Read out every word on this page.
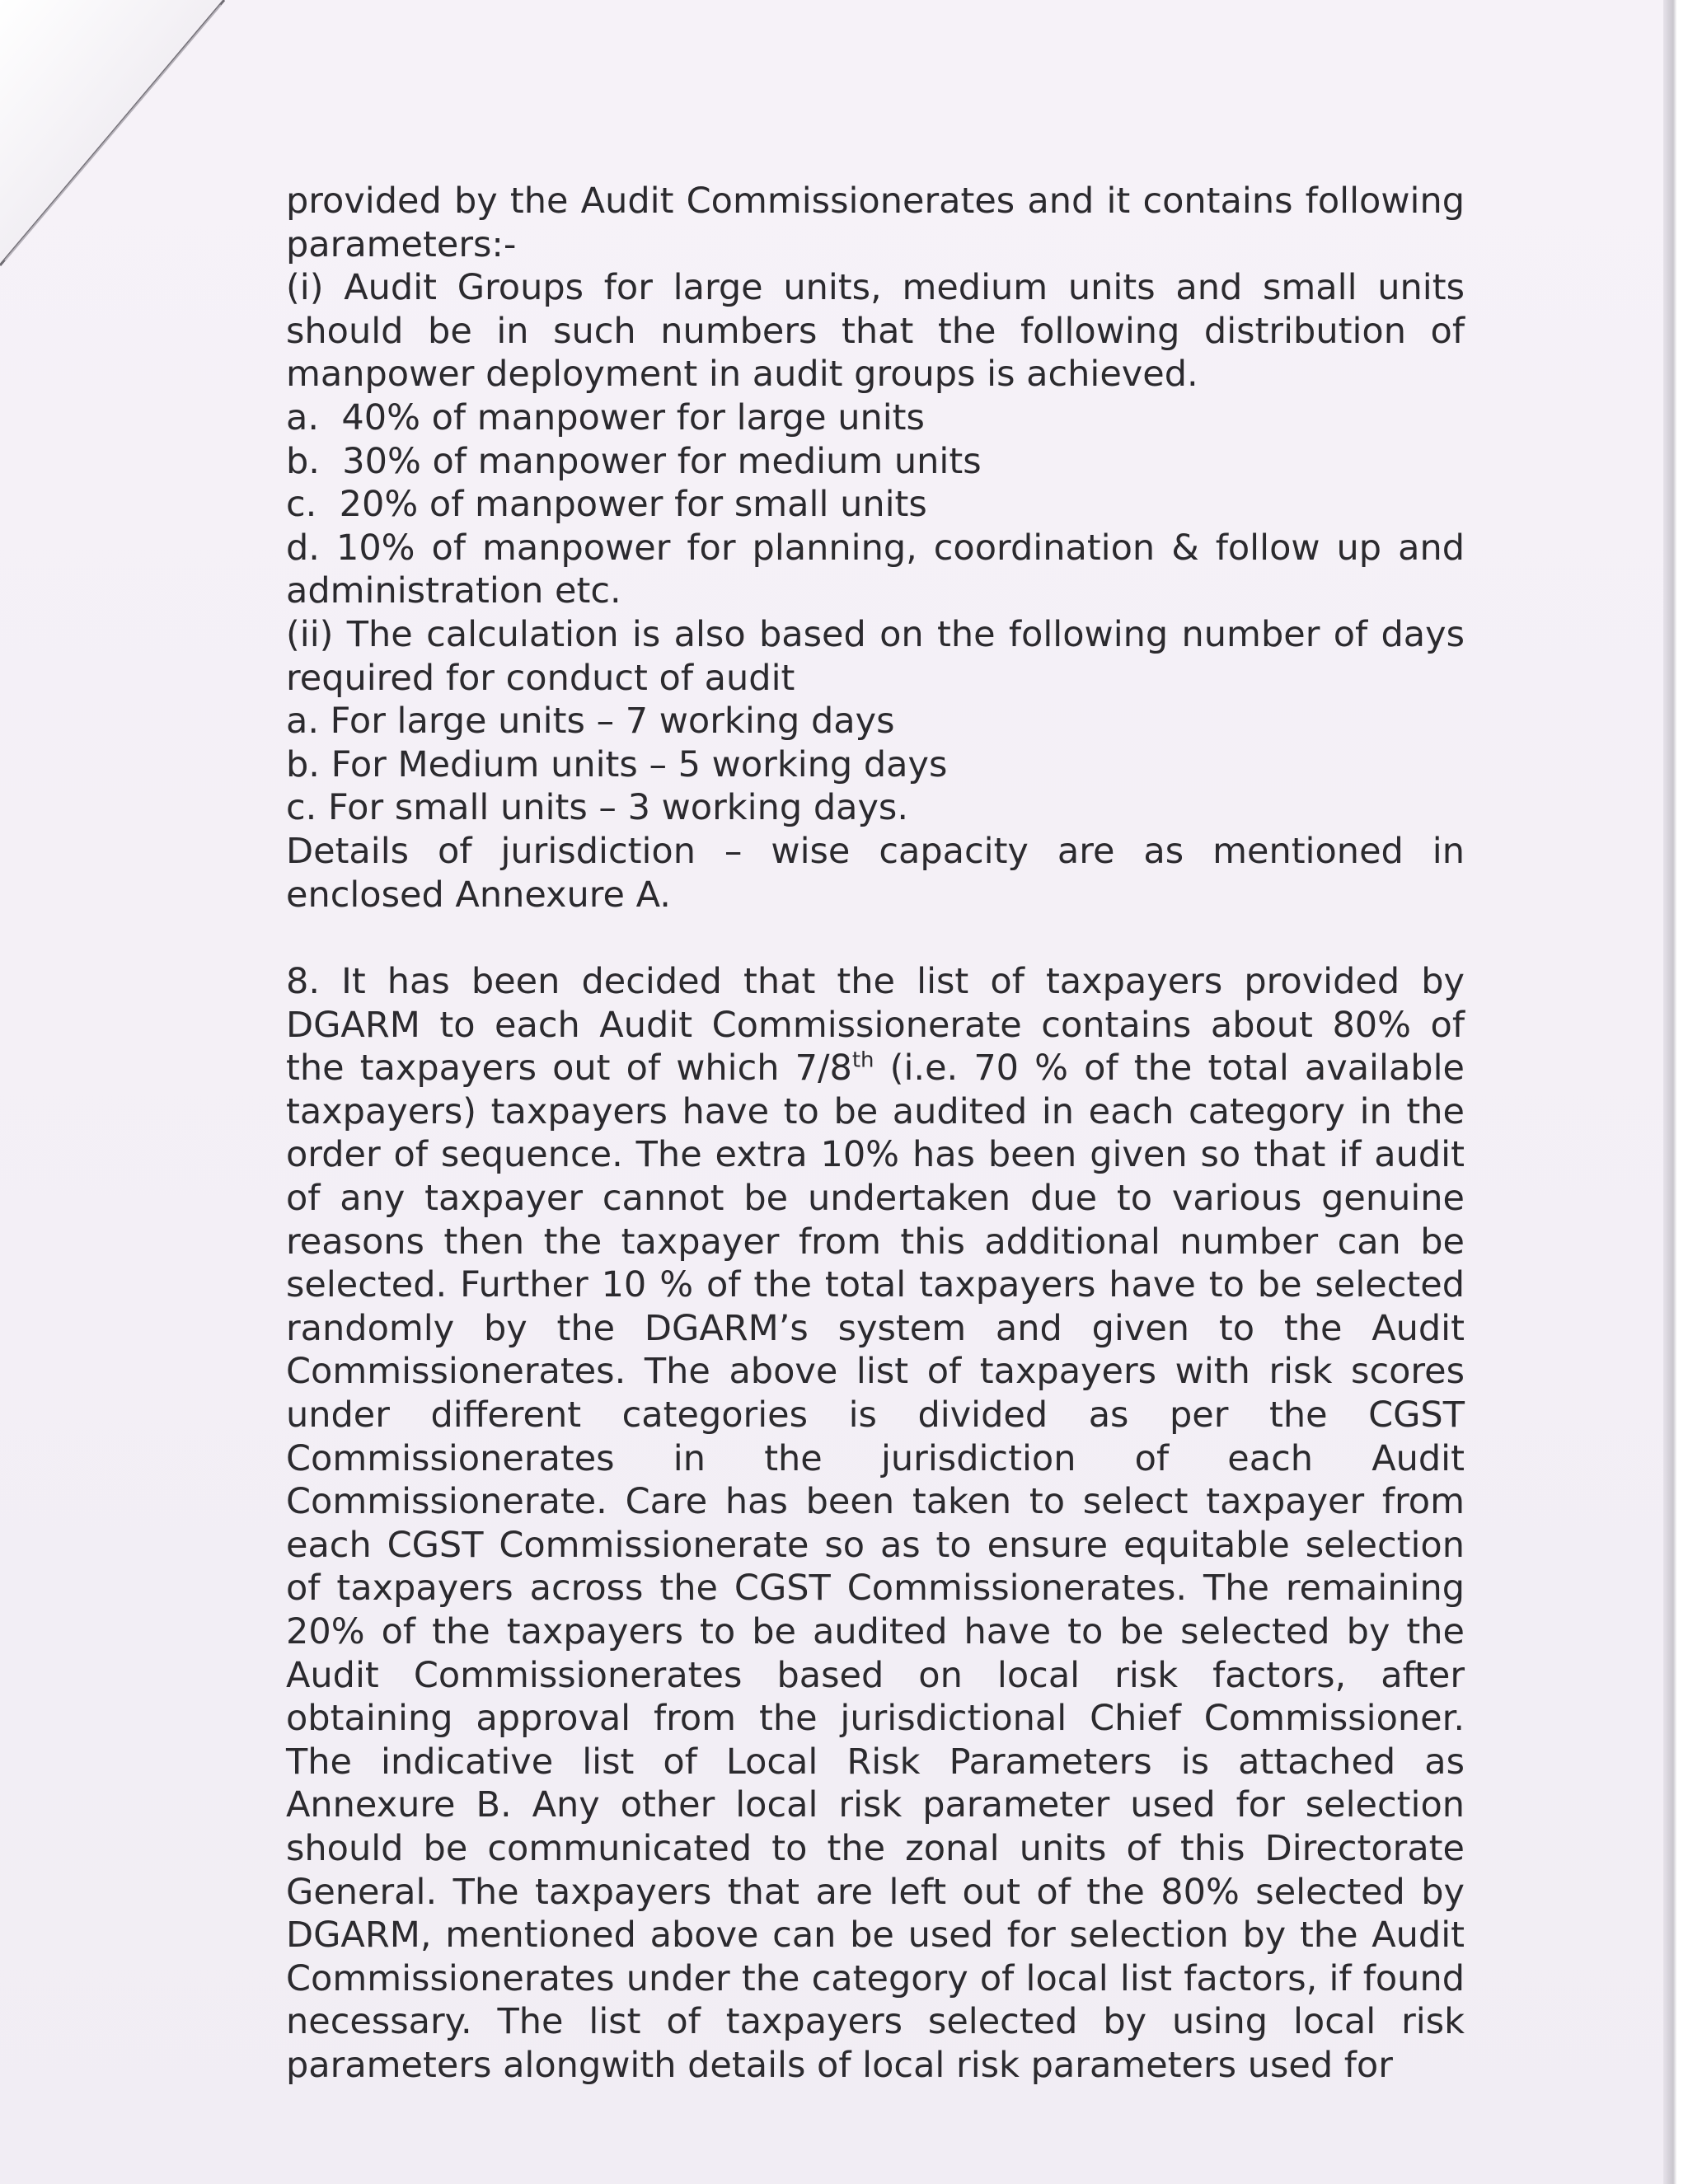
provided by the Audit Commissionerates and it contains following parameters:-

(i) Audit Groups for large units, medium units and small units should be in such numbers that the following distribution of manpower deployment in audit groups is achieved.

a.  40% of manpower for large units

b.  30% of manpower for medium units

c.  20% of manpower for small units

d. 10% of manpower for planning, coordination & follow up and administration etc.

(ii) The calculation is also based on the following number of days required for conduct of audit

a. For large units – 7 working days

b. For Medium units – 5 working days

c. For small units – 3 working days.

Details of jurisdiction – wise capacity are as mentioned in enclosed Annexure A.

8. It has been decided that the list of taxpayers provided by DGARM to each Audit Commissionerate contains about 80% of the taxpayers out of which 7/8th (i.e. 70 % of the total available taxpayers) taxpayers have to be audited in each category in the order of sequence. The extra 10% has been given so that if audit of any taxpayer cannot be undertaken due to various genuine reasons then the taxpayer from this additional number can be selected. Further 10 % of the total taxpayers have to be selected randomly by the DGARM’s system and given to the Audit Commissionerates. The above list of taxpayers with risk scores under different categories is divided as per the CGST Commissionerates in the jurisdiction of each Audit Commissionerate. Care has been taken to select taxpayer from each CGST Commissionerate so as to ensure equitable selection of taxpayers across the CGST Commissionerates. The remaining 20% of the taxpayers to be audited have to be selected by the Audit Commissionerates based on local risk factors, after obtaining approval from the jurisdictional Chief Commissioner. The indicative list of Local Risk Parameters is attached as Annexure B. Any other local risk parameter used for selection should be communicated to the zonal units of this Directorate General. The taxpayers that are left out of the 80% selected by DGARM, mentioned above can be used for selection by the Audit Commissionerates under the category of local list factors, if found necessary. The list of taxpayers selected by using local risk parameters alongwith details of local risk parameters used for
